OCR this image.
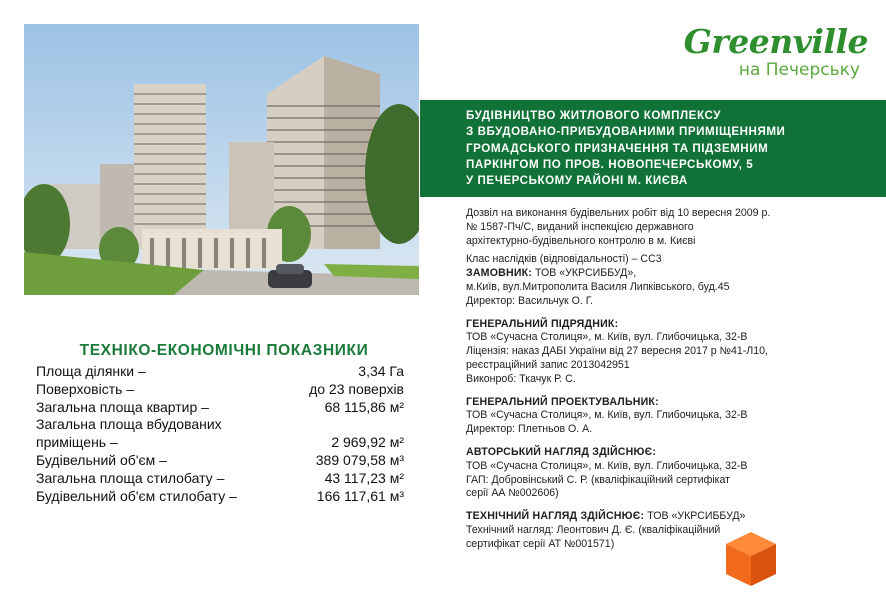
Greenville
на Печерську
БУДІВНИЦТВО ЖИТЛОВОГО КОМПЛЕКСУ
З ВБУДОВАНО-ПРИБУДОВАНИМИ ПРИМІЩЕННЯМИ
ГРОМАДСЬКОГО ПРИЗНАЧЕННЯ ТА ПІДЗЕМНИМ
ПАРКІНГОМ ПО ПРОВ. НОВОПЕЧЕРСЬКОМУ, 5
У ПЕЧЕРСЬКОМУ РАЙОНІ М. КИЄВА

Дозвіл на виконання будівельних робіт від 10 вересня 2009 р.

№ 1587-Пч/С, виданий інспекцією державного

архітектурно-будівельного контролю в м. Києві

Клас наслідків (відповідальності) – СС3

ЗАМОВНИК: ТОВ «УКРСИББУД»,

м.Київ, вул.Митрополита Василя Липківського, буд.45

Директор: Васильчук О. Г.

ГЕНЕРАЛЬНИЙ ПІДРЯДНИК:

ТОВ «Сучасна Столиця», м. Київ, вул. Глибочицька, 32-В

Ліцензія: наказ ДАБІ України від 27 вересня 2017 р №41-Л10,

реєстраційний запис 2013042951

Виконроб: Ткачук Р. С.

ГЕНЕРАЛЬНИЙ ПРОЕКТУВАЛЬНИК:

ТОВ «Сучасна Столиця», м. Київ, вул. Глибочицька, 32-В

Директор: Плетньов О. А.

АВТОРСЬКИЙ НАГЛЯД ЗДІЙСНЮЄ:

ТОВ «Сучасна Столиця», м. Київ, вул. Глибочицька, 32-В

ГАП: Добровінський С. Р. (кваліфікаційний сертифікат

серії АА №002606)

ТЕХНІЧНИЙ НАГЛЯД ЗДІЙСНЮЄ: ТОВ «УКРСИББУД»

Технічний нагляд: Леонтович Д. Є. (кваліфікаційний

сертифікат серії АТ №001571)

ТЕХНІКО-ЕКОНОМІЧНІ ПОКАЗНИКИ
Площа ділянки –	3,34 Га
Поверховість –	до 23 поверхів
Загальна площа квартир –	68 115,86 м²
Загальна площа вбудованих
приміщень –	2 969,92 м²
Будівельний об'єм –	389 079,58 м³
Загальна площа стилобату –	43 117,23 м²
Будівельний об'єм стилобату –	166 117,61 м³
